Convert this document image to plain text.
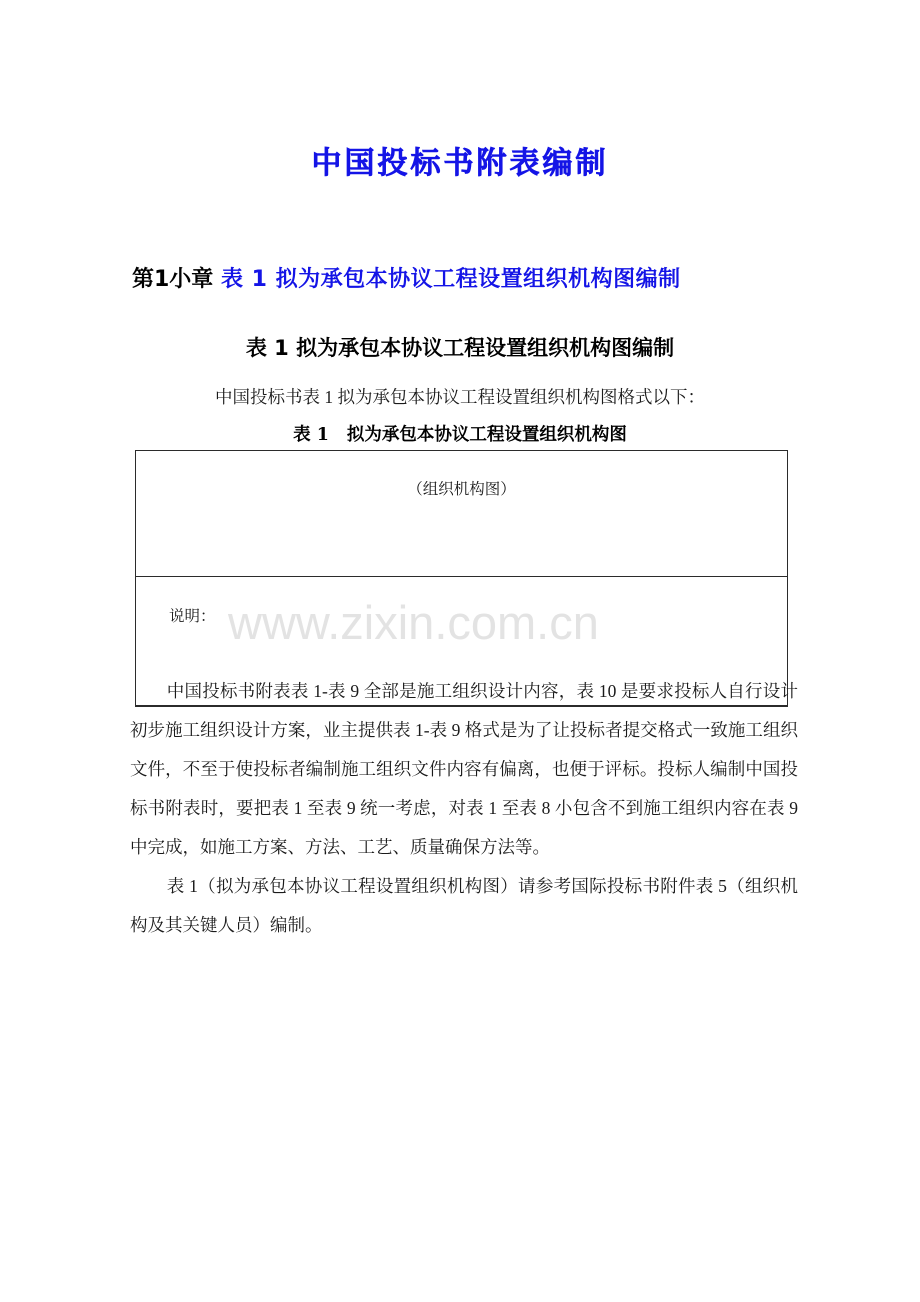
中国投标书附表编制
第1小章 表 1 拟为承包本协议工程设置组织机构图编制
表 1 拟为承包本协议工程设置组织机构图编制
中国投标书表 1 拟为承包本协议工程设置组织机构图格式以下：
表 1 拟为承包本协议工程设置组织机构图
（组织机构图）
说明： www.zixin.com.cn

中国投标书附表表 1-表 9 全部是施工组织设计内容，表 10 是要求投标人自行设计初步施工组织设计方案，业主提供表 1-表 9 格式是为了让投标者提交格式一致施工组织文件，不至于使投标者编制施工组织文件内容有偏离，也便于评标。投标人编制中国投标书附表时，要把表 1 至表 9 统一考虑，对表 1 至表 8 小包含不到施工组织内容在表 9 中完成，如施工方案、方法、工艺、质量确保方法等。

表 1（拟为承包本协议工程设置组织机构图）请参考国际投标书附件表 5（组织机构及其关键人员）编制。
